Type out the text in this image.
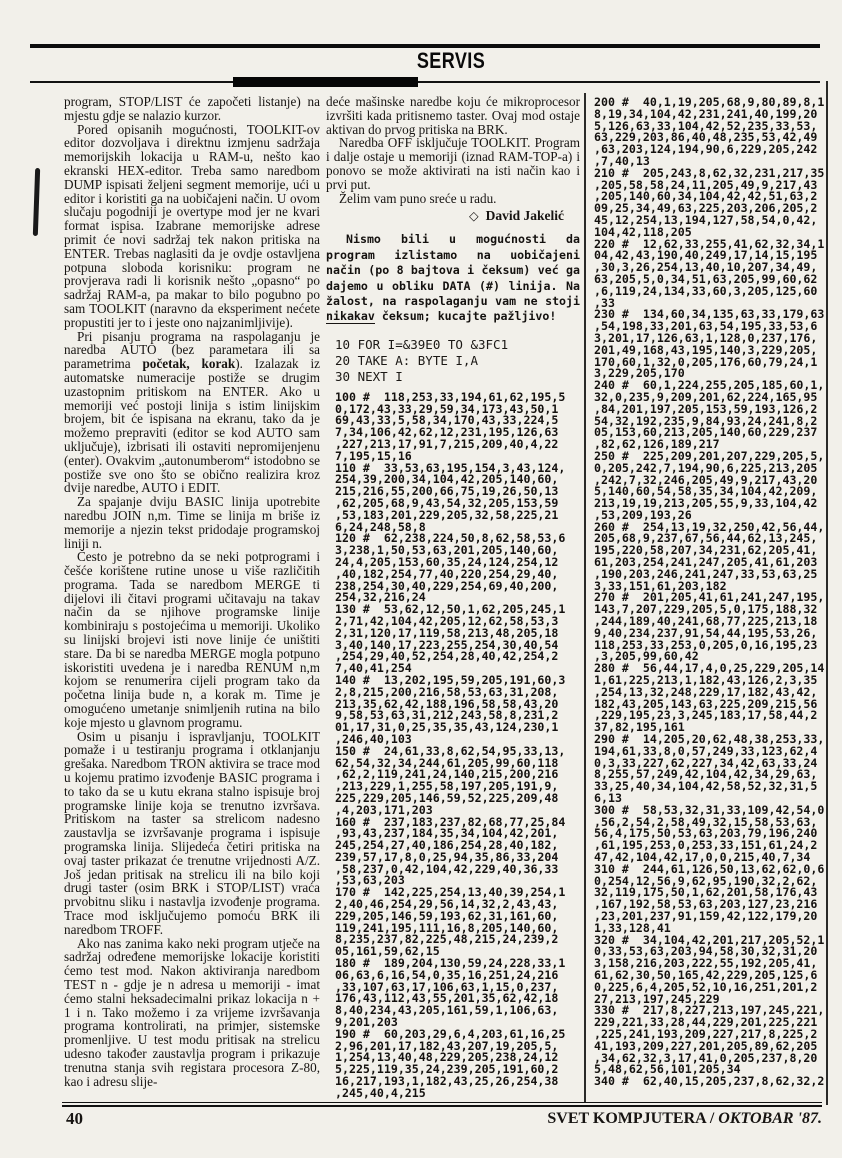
SERVIS

program, STOP/LIST će započeti listanje) na mjestu gdje se nalazio kurzor.

Pored opisanih mogućnosti, TOOLKIT-ov editor dozvoljava i direktnu izmjenu sadržaja memorijskih lokacija u RAM-u, nešto kao ekranski HEX-editor. Treba samo naredbom DUMP ispisati željeni segment memorije, ući u editor i koristiti ga na uobičajeni način. U ovom slučaju pogodniji je overtype mod jer ne kvari format ispisa. Izabrane memorijske adrese primit će novi sadržaj tek nakon pritiska na ENTER. Trebas naglasiti da je ovdje ostavljena potpuna sloboda korisniku: program ne provjerava radi li korisnik nešto „opasno“ po sadržaj RAM-a, pa makar to bilo pogubno po sam TOOLKIT (naravno da eksperiment nećete propustiti jer to i jeste ono najzanimljivije).

Pri pisanju programa na raspolaganju je naredba AUTO (bez parametara ili sa parametrima početak, korak). Izalazak iz automatske numeracije postiže se drugim uzastopnim pritiskom na ENTER. Ako u memoriji već postoji linija s istim linijskim brojem, bit će ispisana na ekranu, tako da je možemo prepraviti (editor se kod AUTO sam uključuje), izbrisati ili ostaviti nepromijenjenu (enter). Ovakvim „autonumberom“ istodobno se postiže sve ono što se obično realizira kroz dvije naredbe, AUTO i EDIT.

Za spajanje dviju BASIC linija upotrebite naredbu JOIN n,m. Time se linija m briše iz memorije a njezin tekst pridodaje programskoj liniji n.

Često je potrebno da se neki potprogrami i češće korištene rutine unose u više različitih programa. Tada se naredbom MERGE ti dijelovi ili čitavi programi učitavaju na takav način da se njihove programske linije kombiniraju s postojećima u memoriji. Ukoliko su linijski brojevi isti nove linije će uništiti stare. Da bi se naredba MERGE mogla potpuno iskoristiti uvedena je i naredba RENUM n,m kojom se renumerira cijeli program tako da početna linija bude n, a korak m. Time je omogućeno umetanje snimljenih rutina na bilo koje mjesto u glavnom programu.

Osim u pisanju i ispravljanju, TOOLKIT pomaže i u testiranju programa i otklanjanju grešaka. Naredbom TRON aktivira se trace mod u kojemu pratimo izvođenje BASIC programa i to tako da se u kutu ekrana stalno ispisuje broj programske linije koja se trenutno izvršava. Pritiskom na taster sa strelicom nadesno zaustavlja se izvršavanje programa i ispisuje programska linija. Slijedeća četiri pritiska na ovaj taster prikazat će trenutne vrijednosti A/Z. Još jedan pritisak na strelicu ili na bilo koji drugi taster (osim BRK i STOP/LIST) vraća prvobitnu sliku i nastavlja izvođenje programa. Trace mod isključujemo pomoću BRK ili naredbom TROFF.

Ako nas zanima kako neki program utječe na sadržaj određene memorijske lokacije koristiti ćemo test mod. Nakon aktiviranja naredbom TEST n - gdje je n adresa u memoriji - imat ćemo stalni heksadecimalni prikaz lokacija n + 1 i n. Tako možemo i za vrijeme izvršavanja programa kontrolirati, na primjer, sistemske promenljive. U test modu pritisak na strelicu udesno također zaustavlja program i prikazuje trenutna stanja svih registara procesora Z-80, kao i adresu slije-

deće mašinske naredbe koju će mikroprocesor izvršiti kada pritisnemo taster. Ovaj mod ostaje aktivan do prvog pritiska na BRK.

Naredba OFF isključuje TOOLKIT. Program i dalje ostaje u memoriji (iznad RAM-TOP-a) i ponovo se može aktivirati na isti način kao i prvi put.

Želim vam puno sreće u radu.

◇ David Jakelić
Nismo bili u mogućnosti da
program izlistamo na uobičajeni
način (po 8 bajtova i čeksum) već ga
dajemo u obliku DATA (#) linija. Na
žalost, na raspolaganju vam ne stoji
nikakav čeksum; kucajte pažljivo!
10 FOR I=&39E0 TO &3FC1
20 TAKE A: BYTE I,A
30 NEXT I
100 #  118,253,33,194,61,62,195,5
0,172,43,33,29,59,34,173,43,50,1
69,43,33,5,58,34,170,43,33,224,5
7,34,106,42,62,12,231,195,126,63
,227,213,17,91,7,215,209,40,4,22
7,195,15,16
110 #  33,53,63,195,154,3,43,124,
254,39,200,34,104,42,205,140,60,
215,216,55,200,66,75,19,26,50,13
,62,205,68,9,43,54,32,205,153,59
,53,183,201,229,205,32,58,225,21
6,24,248,58,8
120 #  62,238,224,50,8,62,58,53,6
3,238,1,50,53,63,201,205,140,60,
24,4,205,153,60,35,24,124,254,12
,40,182,254,77,40,220,254,29,40,
238,254,30,40,229,254,69,40,200,
254,32,216,24
130 #  53,62,12,50,1,62,205,245,1
2,71,42,104,42,205,12,62,58,53,3
2,31,120,17,119,58,213,48,205,18
3,40,140,17,223,255,254,30,40,54
,254,29,40,52,254,28,40,42,254,2
7,40,41,254
140 #  13,202,195,59,205,191,60,3
2,8,215,200,216,58,53,63,31,208,
213,35,62,42,188,196,58,58,43,20
9,58,53,63,31,212,243,58,8,231,2
01,17,31,0,25,35,35,43,124,230,1
,246,40,103
150 #  24,61,33,8,62,54,95,33,13,
62,54,32,34,244,61,205,99,60,118
,62,2,119,241,24,140,215,200,216
,213,229,1,255,58,197,205,191,9,
225,229,205,146,59,52,225,209,48
,4,203,171,203
160 #  237,183,237,82,68,77,25,84
,93,43,237,184,35,34,104,42,201,
245,254,27,40,186,254,28,40,182,
239,57,17,8,0,25,94,35,86,33,204
,58,237,0,42,104,42,229,40,36,33
,53,63,203
170 #  142,225,254,13,40,39,254,1
2,40,46,254,29,56,14,32,2,43,43,
229,205,146,59,193,62,31,161,60,
119,241,195,111,16,8,205,140,60,
8,235,237,82,225,48,215,24,239,2
05,161,59,62,15
180 #  189,204,130,59,24,228,33,1
06,63,6,16,54,0,35,16,251,24,216
,33,107,63,17,106,63,1,15,0,237,
176,43,112,43,55,201,35,62,42,18
8,40,234,43,205,161,59,1,106,63,
9,201,203
190 #  60,203,29,6,4,203,61,16,25
2,96,201,17,182,43,207,19,205,5,
1,254,13,40,48,229,205,238,24,12
5,225,119,35,24,239,205,191,60,2
16,217,193,1,182,43,25,26,254,38
,245,40,4,215
200 #  40,1,19,205,68,9,80,89,8,1
8,19,34,104,42,231,241,40,199,20
5,126,63,33,104,42,52,235,33,53,
63,229,203,86,40,48,235,53,42,49
,63,203,124,194,90,6,229,205,242
,7,40,13
210 #  205,243,8,62,32,231,217,35
,205,58,58,24,11,205,49,9,217,43
,205,140,60,34,104,42,42,51,63,2
09,25,34,49,63,225,203,206,205,2
45,12,254,13,194,127,58,54,0,42,
104,42,118,205
220 #  12,62,33,255,41,62,32,34,1
04,42,43,190,40,249,17,14,15,195
,30,3,26,254,13,40,10,207,34,49,
63,205,5,0,34,51,63,205,99,60,62
,6,119,24,134,33,60,3,205,125,60
,33
230 #  134,60,34,135,63,33,179,63
,54,198,33,201,63,54,195,33,53,6
3,201,17,126,63,1,128,0,237,176,
201,49,168,43,195,140,3,229,205,
170,60,1,32,0,205,176,60,79,24,1
3,229,205,170
240 #  60,1,224,255,205,185,60,1,
32,0,235,9,209,201,62,224,165,95
,84,201,197,205,153,59,193,126,2
54,32,192,235,9,84,93,24,241,8,2
05,153,60,213,205,140,60,229,237
,82,62,126,189,217
250 #  225,209,201,207,229,205,5,
0,205,242,7,194,90,6,225,213,205
,242,7,32,246,205,49,9,217,43,20
5,140,60,54,58,35,34,104,42,209,
213,19,19,213,205,55,9,33,104,42
,53,209,193,26
260 #  254,13,19,32,250,42,56,44,
205,68,9,237,67,56,44,62,13,245,
195,220,58,207,34,231,62,205,41,
61,203,254,241,247,205,41,61,203
,190,203,246,241,247,33,53,63,25
3,33,151,61,203,182
270 #  201,205,41,61,241,247,195,
143,7,207,229,205,5,0,175,188,32
,244,189,40,241,68,77,225,213,18
9,40,234,237,91,54,44,195,53,26,
118,253,33,253,0,205,0,16,195,23
,3,205,99,60,42
280 #  56,44,17,4,0,25,229,205,14
1,61,225,213,1,182,43,126,2,3,35
,254,13,32,248,229,17,182,43,42,
182,43,205,143,63,225,209,215,56
,229,195,23,3,245,183,17,58,44,2
37,82,195,161
290 #  14,205,20,62,48,38,253,33,
194,61,33,8,0,57,249,33,123,62,4
0,3,33,227,62,227,34,42,63,33,24
8,255,57,249,42,104,42,34,29,63,
33,25,40,34,104,42,58,52,32,31,5
6,13
300 #  58,53,32,31,33,109,42,54,0
,56,2,54,2,58,49,32,15,58,53,63,
56,4,175,50,53,63,203,79,196,240
,61,195,253,0,253,33,151,61,24,2
47,42,104,42,17,0,0,215,40,7,34
310 #  244,61,126,50,13,62,62,0,6
0,254,12,56,9,62,95,190,32,2,62,
32,119,175,50,1,62,201,58,176,43
,167,192,58,53,63,203,127,23,216
,23,201,237,91,159,42,122,179,20
1,33,128,41
320 #  34,104,42,201,217,205,52,1
0,33,53,63,203,94,58,30,32,31,20
3,158,216,203,222,55,192,205,41,
61,62,30,50,165,42,229,205,125,6
0,225,6,4,205,52,10,16,251,201,2
27,213,197,245,229
330 #  217,8,227,213,197,245,221,
229,221,33,28,44,229,201,225,221
,225,241,193,209,227,217,8,225,2
41,193,209,227,201,205,89,62,205
,34,62,32,3,17,41,0,205,237,8,20
5,48,62,56,101,205,34
340 #  62,40,15,205,237,8,62,32,2
40	SVET KOMPJUTERA / OKTOBAR '87.
